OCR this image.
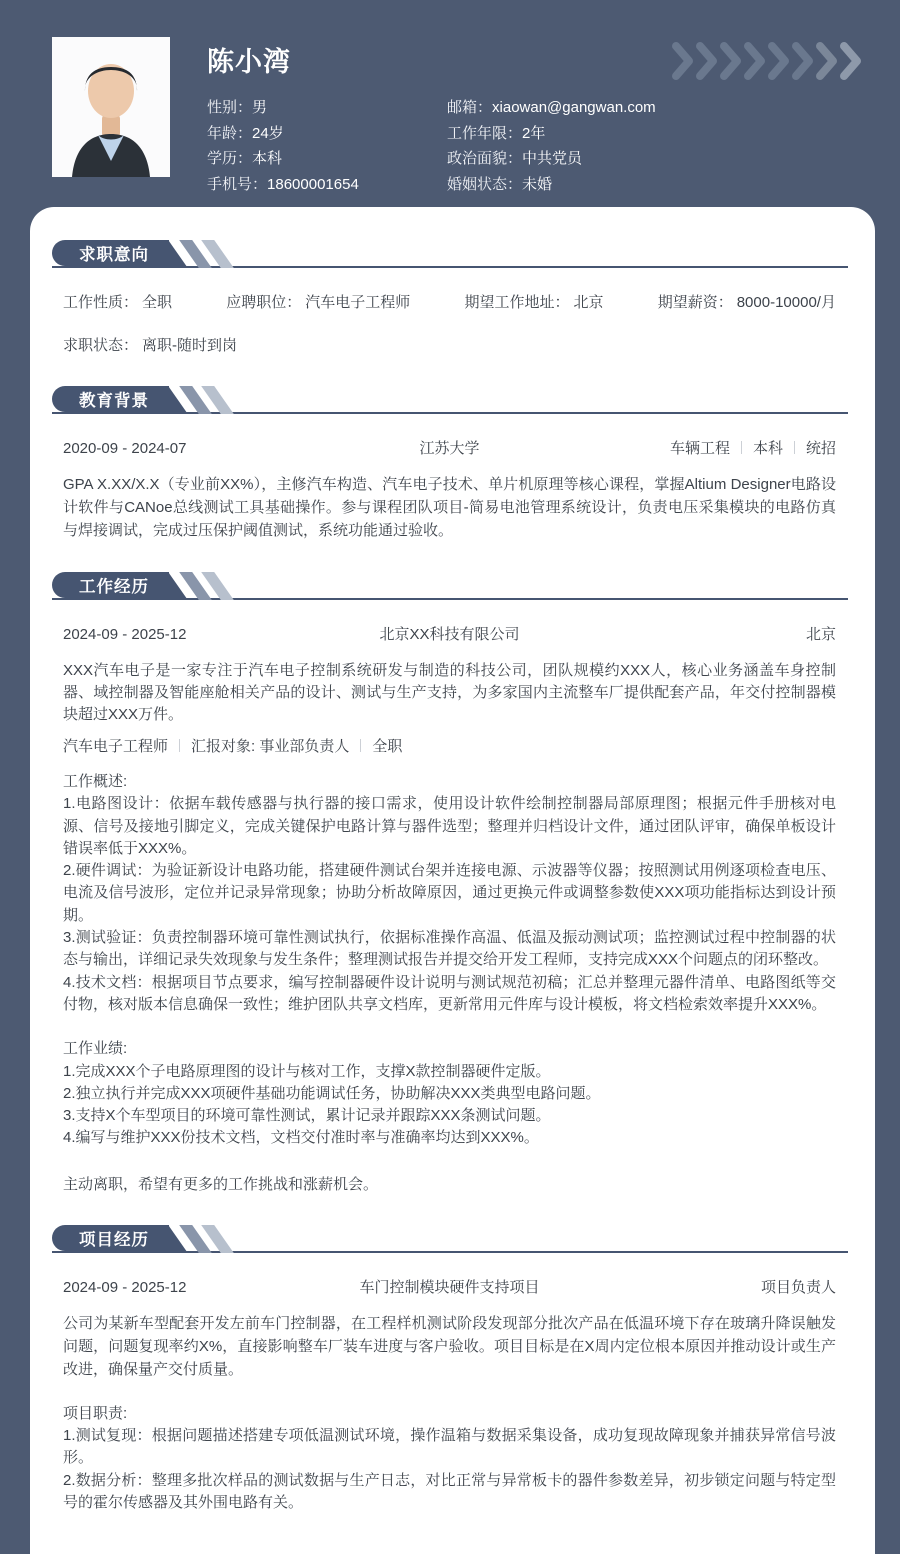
陈小湾
性别：男	邮箱：xiaowan@gangwan.com
年龄：24岁	工作年限：2年
学历：本科	政治面貌：中共党员
手机号：18600001654	婚姻状态：未婚
求职意向
工作性质： 全职	应聘职位： 汽车电子工程师	期望工作地址： 北京	期望薪资： 8000-10000/月
求职状态： 离职-随时到岗
教育背景
2020-09 - 2024-07	江苏大学	车辆工程 本科 统招

GPA X.XX/X.X（专业前XX%），主修汽车构造、汽车电子技术、单片机原理等核心课程，掌握Altium Designer电路设计软件与CANoe总线测试工具基础操作。参与课程团队项目-简易电池管理系统设计，负责电压采集模块的电路仿真与焊接调试，完成过压保护阈值测试，系统功能通过验收。

工作经历
2024-09 - 2025-12	北京XX科技有限公司	北京

XXX汽车电子是一家专注于汽车电子控制系统研发与制造的科技公司，团队规模约XXX人，核心业务涵盖车身控制器、域控制器及智能座舱相关产品的设计、测试与生产支持，为多家国内主流整车厂提供配套产品，年交付控制器模块超过XXX万件。

汽车电子工程师 汇报对象: 事业部负责人 全职

工作概述:

1.电路图设计：依据车载传感器与执行器的接口需求，使用设计软件绘制控制器局部原理图；根据元件手册核对电源、信号及接地引脚定义，完成关键保护电路计算与器件选型；整理并归档设计文件，通过团队评审，确保单板设计错误率低于XXX%。

2.硬件调试：为验证新设计电路功能，搭建硬件测试台架并连接电源、示波器等仪器；按照测试用例逐项检查电压、电流及信号波形，定位并记录异常现象；协助分析故障原因，通过更换元件或调整参数使XXX项功能指标达到设计预期。

3.测试验证：负责控制器环境可靠性测试执行，依据标准操作高温、低温及振动测试项；监控测试过程中控制器的状态与输出，详细记录失效现象与发生条件；整理测试报告并提交给开发工程师，支持完成XXX个问题点的闭环整改。

4.技术文档：根据项目节点要求，编写控制器硬件设计说明与测试规范初稿；汇总并整理元器件清单、电路图纸等交付物，核对版本信息确保一致性；维护团队共享文档库，更新常用元件库与设计模板，将文档检索效率提升XXX%。

工作业绩:

1.完成XXX个子电路原理图的设计与核对工作，支撑X款控制器硬件定版。

2.独立执行并完成XXX项硬件基础功能调试任务，协助解决XXX类典型电路问题。

3.支持X个车型项目的环境可靠性测试，累计记录并跟踪XXX条测试问题。

4.编写与维护XXX份技术文档，文档交付准时率与准确率均达到XXX%。

主动离职，希望有更多的工作挑战和涨薪机会。

项目经历
2024-09 - 2025-12	车门控制模块硬件支持项目	项目负责人

公司为某新车型配套开发左前车门控制器，在工程样机测试阶段发现部分批次产品在低温环境下存在玻璃升降误触发问题，问题复现率约X%，直接影响整车厂装车进度与客户验收。项目目标是在X周内定位根本原因并推动设计或生产改进，确保量产交付质量。

项目职责:

1.测试复现：根据问题描述搭建专项低温测试环境，操作温箱与数据采集设备，成功复现故障现象并捕获异常信号波形。

2.数据分析：整理多批次样品的测试数据与生产日志，对比正常与异常板卡的器件参数差异，初步锁定问题与特定型号的霍尔传感器及其外围电路有关。
